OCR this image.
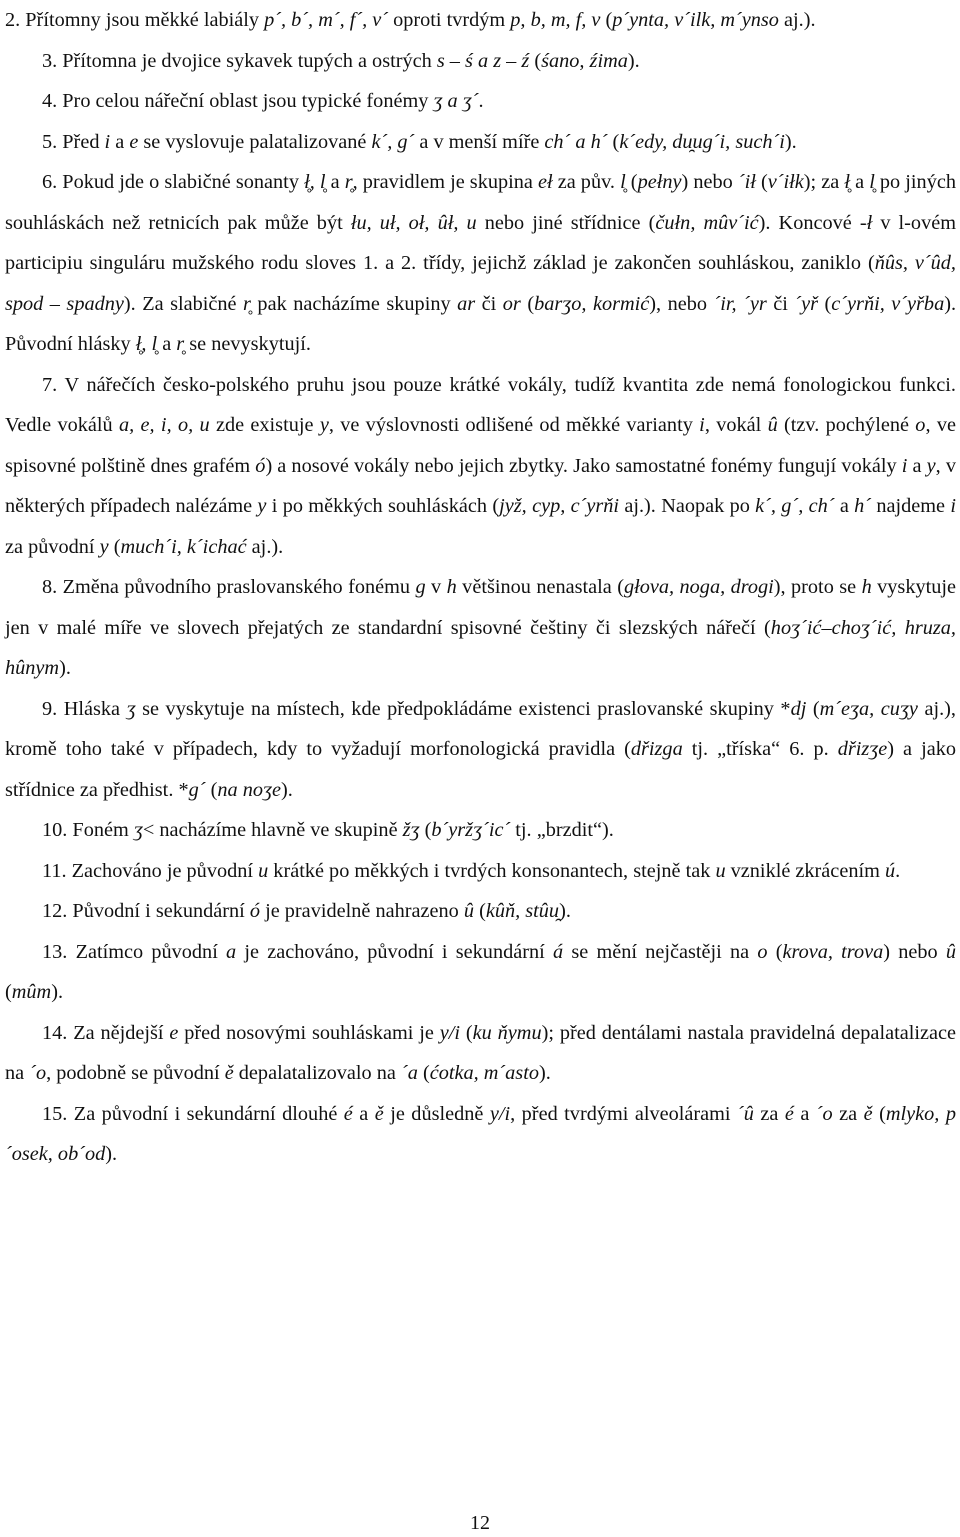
2. Přítomny jsou měkké labiály p´, b´, m´, f´, v´ oproti tvrdým p, b, m, f, v (p´ynta, v´ilk, m´ynso aj.).

3. Přítomna je dvojice sykavek tupých a ostrých s – ś a z – ź (śano, źima).

4. Pro celou nářeční oblast jsou typické fonémy ʒ a ʒ´.

5. Před i a e se vyslovuje palatalizované k´, g´ a v menší míře ch´ a h´ (k´edy, du̯ug´i, such´i).

6. Pokud jde o slabičné sonanty ł̥, l̥ a r̥, pravidlem je skupina eł za pův. l̥ (pełny) nebo ´ił (v´iłk); za ł̥ a l̥ po jiných souhláskách než retnicích pak může být łu, uł, oł, ûł, u nebo jiné střídnice (čułn, mûv´ić). Koncové -ł v l-ovém participiu singuláru mužského rodu sloves 1. a 2. třídy, jejichž základ je zakončen souhláskou, zaniklo (ňûs, v´ûd, spod – spadny). Za slabičné r̥ pak nacházíme skupiny ar či or (barʒo, kormić), nebo ´ir, ´yr či ´yř (c´yrňi, v´yřba). Původní hlásky ł̥, l̥ a r̥ se nevyskytují.

7. V nářečích česko-polského pruhu jsou pouze krátké vokály, tudíž kvantita zde nemá fonologickou funkci. Vedle vokálů a, e, i, o, u zde existuje y, ve výslovnosti odlišené od měkké varianty i, vokál û (tzv. pochýlené o, ve spisovné polštině dnes grafém ó) a nosové vokály nebo jejich zbytky. Jako samostatné fonémy fungují vokály i a y, v některých případech nalézáme y i po měkkých souhláskách (jyž, cyp, c´yrňi aj.). Naopak po k´, g´, ch´ a h´ najdeme i za původní y (much´i, k´ichać aj.).

8. Změna původního praslovanského fonému g v h většinou nenastala (głova, noga, drogi), proto se h vyskytuje jen v malé míře ve slovech přejatých ze standardní spisovné češtiny či slezských nářečí (hoʒ´ić–choʒ´ić, hruza, hûnym).

9. Hláska ʒ se vyskytuje na místech, kde předpokládáme existenci praslovanské skupiny *dj (m´eʒa, cuʒy aj.), kromě toho také v případech, kdy to vyžadují morfonologická pravidla (dřizga tj. „tříska“ 6. p. dřizʒe) a jako střídnice za předhist. *g´ (na noʒe).

10. Foném ʒ< nacházíme hlavně ve skupině žʒ (b´yržʒ´ic´ tj. „brzdit“).

11. Zachováno je původní u krátké po měkkých i tvrdých konsonantech, stejně tak u vzniklé zkrácením ú.

12. Původní i sekundární ó je pravidelně nahrazeno û (kûň, stûu̯).

13. Zatímco původní a je zachováno, původní i sekundární á se mění nejčastěji na o (krova, trova) nebo û (mûm).

14. Za nějdejší e před nosovými souhláskami je y/i (ku ňymu); před dentálami nastala pravidelná depalatalizace na ´o, podobně se původní ě depalatalizovalo na ´a (ćotka, m´asto).

15. Za původní i sekundární dlouhé é a ě je důsledně y/i, před tvrdými alveolárami ´û za é a ´o za ě (mlyko, p´osek, ob´od).

12
